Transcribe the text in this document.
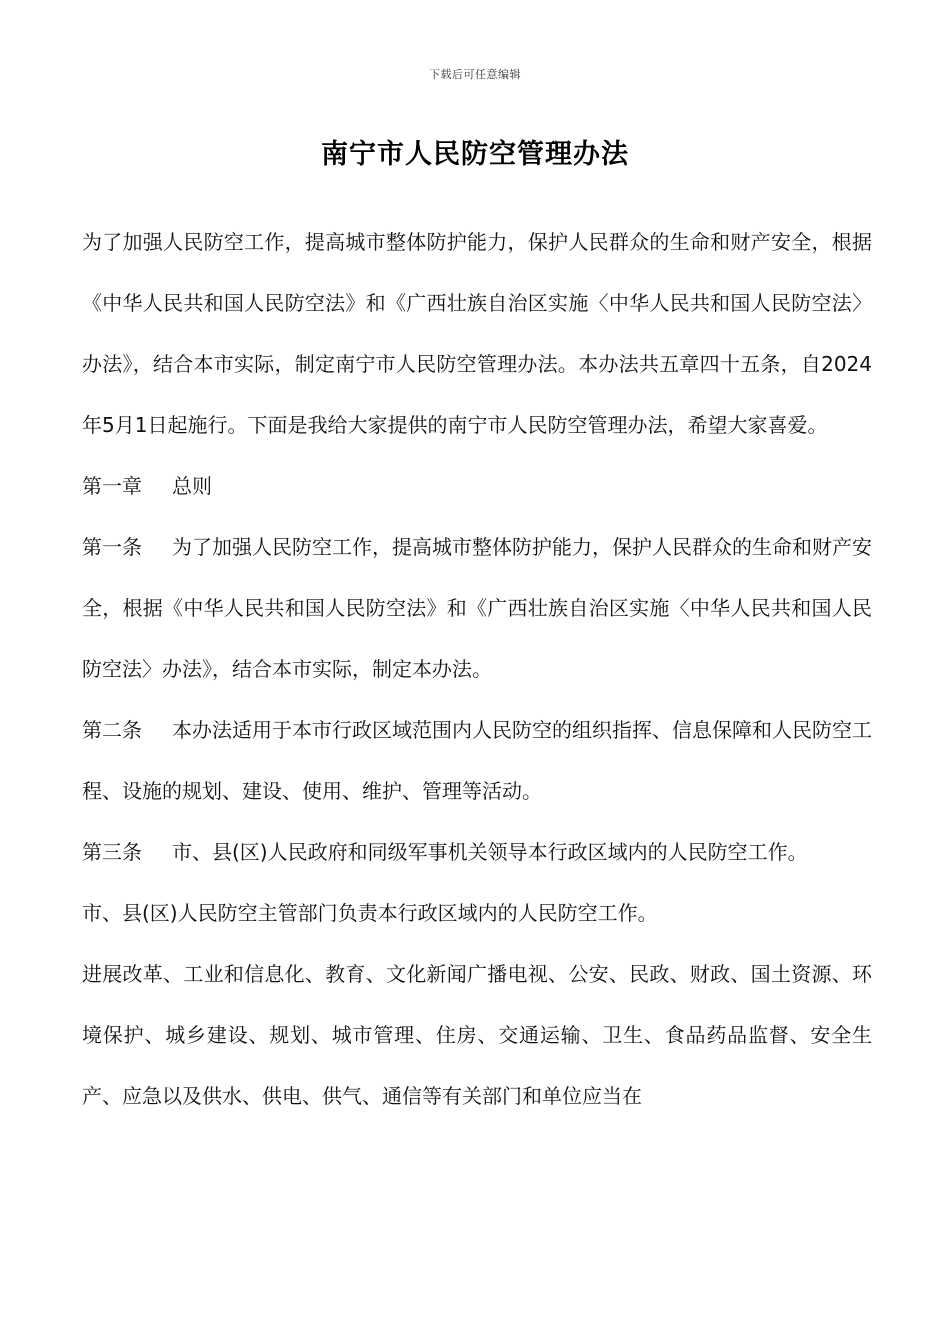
下载后可任意编辑
南宁市人民防空管理办法

为了加强人民防空工作，提高城市整体防护能力，保护人民群众的生命和财产安全，根据《中华人民共和国人民防空法》和《广西壮族自治区实施〈中华人民共和国人民防空法〉办法》，结合本市实际，制定南宁市人民防空管理办法。本办法共五章四十五条，自2024年5月1日起施行。下面是我给大家提供的南宁市人民防空管理办法，希望大家喜爱。

第一章 总则

第一条 为了加强人民防空工作，提高城市整体防护能力，保护人民群众的生命和财产安全，根据《中华人民共和国人民防空法》和《广西壮族自治区实施〈中华人民共和国人民防空法〉办法》，结合本市实际，制定本办法。

第二条 本办法适用于本市行政区域范围内人民防空的组织指挥、信息保障和人民防空工程、设施的规划、建设、使用、维护、管理等活动。

第三条 市、县(区)人民政府和同级军事机关领导本行政区域内的人民防空工作。

市、县(区)人民防空主管部门负责本行政区域内的人民防空工作。

进展改革、工业和信息化、教育、文化新闻广播电视、公安、民政、财政、国土资源、环境保护、城乡建设、规划、城市管理、住房、交通运输、卫生、食品药品监督、安全生产、应急以及供水、供电、供气、通信等有关部门和单位应当在
